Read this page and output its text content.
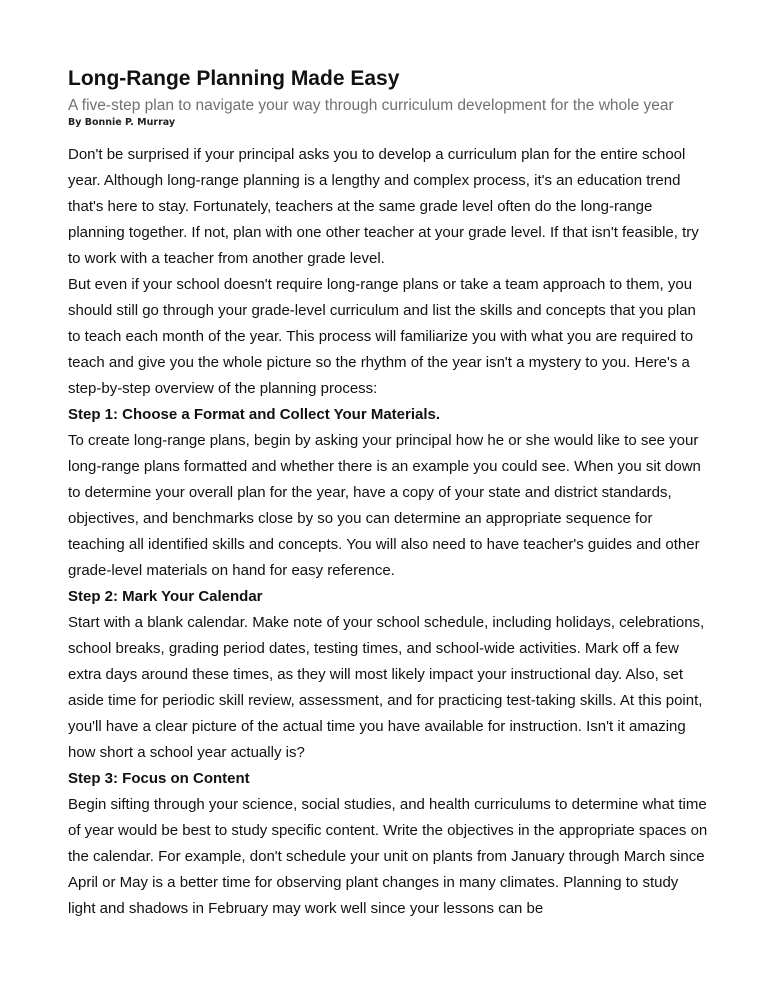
Long-Range Planning Made Easy
A five-step plan to navigate your way through curriculum development for the whole year
By Bonnie P. Murray

Don't be surprised if your principal asks you to develop a curriculum plan for the entire school year. Although long-range planning is a lengthy and complex process, it's an education trend that's here to stay. Fortunately, teachers at the same grade level often do the long-range planning together. If not, plan with one other teacher at your grade level. If that isn't feasible, try to work with a teacher from another grade level.

But even if your school doesn't require long-range plans or take a team approach to them, you should still go through your grade-level curriculum and list the skills and concepts that you plan to teach each month of the year. This process will familiarize you with what you are required to teach and give you the whole picture so the rhythm of the year isn't a mystery to you. Here's a step-by-step overview of the planning process:

Step 1: Choose a Format and Collect Your Materials.

To create long-range plans, begin by asking your principal how he or she would like to see your long-range plans formatted and whether there is an example you could see. When you sit down to determine your overall plan for the year, have a copy of your state and district standards, objectives, and benchmarks close by so you can determine an appropriate sequence for teaching all identified skills and concepts. You will also need to have teacher's guides and other grade-level materials on hand for easy reference.

Step 2: Mark Your Calendar

Start with a blank calendar. Make note of your school schedule, including holidays, celebrations, school breaks, grading period dates, testing times, and school-wide activities. Mark off a few extra days around these times, as they will most likely impact your instructional day. Also, set aside time for periodic skill review, assessment, and for practicing test-taking skills. At this point, you'll have a clear picture of the actual time you have available for instruction. Isn't it amazing how short a school year actually is?

Step 3: Focus on Content

Begin sifting through your science, social studies, and health curriculums to determine what time of year would be best to study specific content. Write the objectives in the appropriate spaces on the calendar. For example, don't schedule your unit on plants from January through March since April or May is a better time for observing plant changes in many climates. Planning to study light and shadows in February may work well since your lessons can be
